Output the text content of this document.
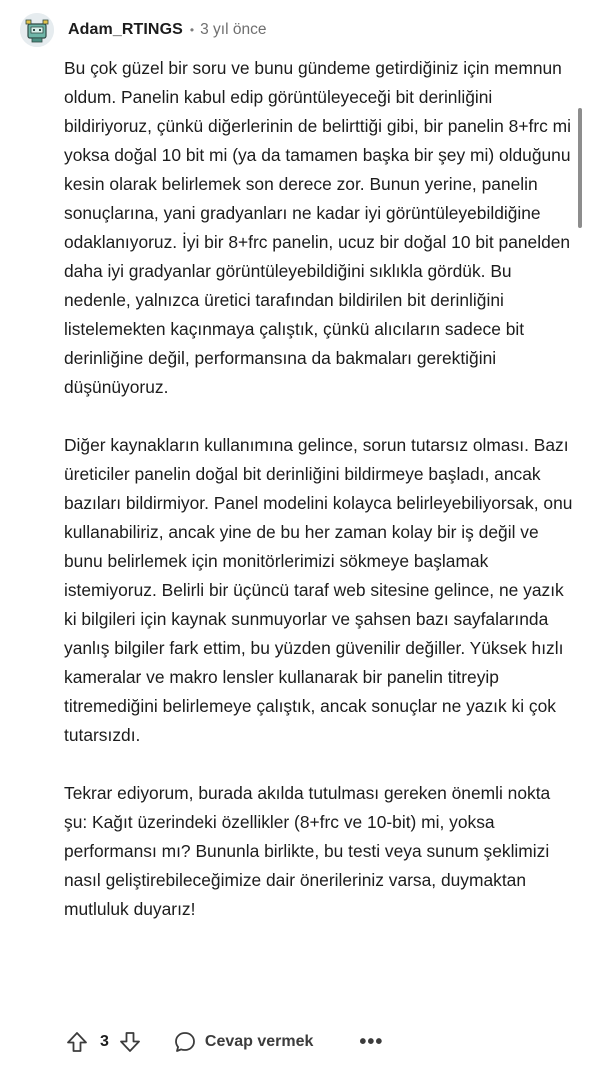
Adam_RTINGS • 3 yıl önce

Bu çok güzel bir soru ve bunu gündeme getirdiğiniz için memnun oldum. Panelin kabul edip görüntüleyeceği bit derinliğini bildiriyoruz, çünkü diğerlerinin de belirttiği gibi, bir panelin 8+frc mi yoksa doğal 10 bit mi (ya da tamamen başka bir şey mi) olduğunu kesin olarak belirlemek son derece zor. Bunun yerine, panelin sonuçlarına, yani gradyanları ne kadar iyi görüntüleyebildiğine odaklanıyoruz. İyi bir 8+frc panelin, ucuz bir doğal 10 bit panelden daha iyi gradyanlar görüntüleyebildiğini sıklıkla gördük. Bu nedenle, yalnızca üretici tarafından bildirilen bit derinliğini listelemekten kaçınmaya çalıştık, çünkü alıcıların sadece bit derinliğine değil, performansına da bakmaları gerektiğini düşünüyoruz.

Diğer kaynakların kullanımına gelince, sorun tutarsız olması. Bazı üreticiler panelin doğal bit derinliğini bildirmeye başladı, ancak bazıları bildirmiyor. Panel modelini kolayca belirleyebiliyorsak, onu kullanabiliriz, ancak yine de bu her zaman kolay bir iş değil ve bunu belirlemek için monitörlerimizi sökmeye başlamak istemiyoruz. Belirli bir üçüncü taraf web sitesine gelince, ne yazık ki bilgileri için kaynak sunmuyorlar ve şahsen bazı sayfalarında yanlış bilgiler fark ettim, bu yüzden güvenilir değiller. Yüksek hızlı kameralar ve makro lensler kullanarak bir panelin titreyip titremediğini belirlemeye çalıştık, ancak sonuçlar ne yazık ki çok tutarsızdı.

Tekrar ediyorum, burada akılda tutulması gereken önemli nokta şu: Kağıt üzerindeki özellikler (8+frc ve 10-bit) mi, yoksa performansı mı? Bununla birlikte, bu testi veya sunum şeklimizi nasıl geliştirebileceğimize dair önerileriniz varsa, duymaktan mutluluk duyarız!

3	Cevap vermek •••
